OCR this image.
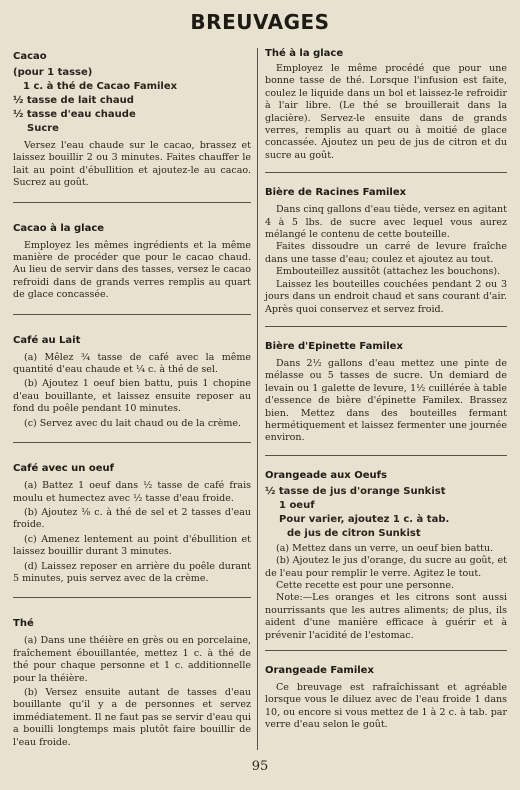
BREUVAGES
Cacao
(pour 1 tasse)
1 c. à thé de Cacao Familex
½ tasse de lait chaud
½ tasse d'eau chaude
Sucre

Versez l'eau chaude sur le cacao, brassez et laissez bouillir 2 ou 3 minutes. Faites chauffer le lait au point d'ébullition et ajoutez-le au cacao. Sucrez au goût.

Cacao à la glace

Employez les mêmes ingrédients et la même manière de procéder que pour le cacao chaud. Au lieu de servir dans des tasses, versez le cacao refroidi dans de grands verres remplis au quart de glace concassée.

Café au Lait

(a) Mêlez ¾ tasse de café avec la même quantité d'eau chaude et ¼ c. à thé de sel.

(b) Ajoutez 1 oeuf bien battu, puis 1 chopine d'eau bouillante, et laissez ensuite reposer au fond du poêle pendant 10 minutes.

(c) Servez avec du lait chaud ou de la crème.

Café avec un oeuf

(a) Battez 1 oeuf dans ½ tasse de café frais moulu et humectez avec ½ tasse d'eau froide.

(b) Ajoutez ⅛ c. à thé de sel et 2 tasses d'eau froide.

(c) Amenez lentement au point d'ébullition et laissez bouillir durant 3 minutes.

(d) Laissez reposer en arrière du poêle durant 5 minutes, puis servez avec de la crème.

Thé

(a) Dans une théière en grès ou en porcelaine, fraîchement ébouillantée, mettez 1 c. à thé de thé pour chaque personne et 1 c. additionnelle pour la théière.

(b) Versez ensuite autant de tasses d'eau bouillante qu'il y a de personnes et servez immédiatement. Il ne faut pas se servir d'eau qui a bouilli longtemps mais plutôt faire bouillir de l'eau froide.

Thé à la glace

Employez le même procédé que pour une bonne tasse de thé. Lorsque l'infusion est faite, coulez le liquide dans un bol et laissez-le refroidir à l'air libre. (Le thé se brouillerait dans la glacière). Servez-le ensuite dans de grands verres, remplis au quart ou à moitié de glace concassée. Ajoutez un peu de jus de citron et du sucre au goût.

Bière de Racines Familex

Dans cinq gallons d'eau tiède, versez en agitant 4 à 5 lbs. de sucre avec lequel vous aurez mélangé le contenu de cette bouteille.

Faites dissoudre un carré de levure fraîche dans une tasse d'eau; coulez et ajoutez au tout.

Embouteillez aussitôt (attachez les bouchons).

Laissez les bouteilles couchées pendant 2 ou 3 jours dans un endroit chaud et sans courant d'air. Après quoi conservez et servez froid.

Bière d'Epinette Familex

Dans 2½ gallons d'eau mettez une pinte de mélasse ou 5 tasses de sucre. Un demiard de levain ou 1 galette de levure, 1½ cuillérée à table d'essence de bière d'épinette Familex. Brassez bien. Mettez dans des bouteilles fermant hermétiquement et laissez fermenter une journée environ.

Orangeade aux Oeufs
½ tasse de jus d'orange Sunkist
1 oeuf
Pour varier, ajoutez 1 c. à tab.
de jus de citron Sunkist

(a) Mettez dans un verre, un oeuf bien battu.

(b) Ajoutez le jus d'orange, du sucre au goût, et de l'eau pour remplir le verre. Agitez le tout.

Cette recette est pour une personne.

Note:—Les oranges et les citrons sont aussi nourrissants que les autres aliments; de plus, ils aident d'une manière efficace à guérir et à prévenir l'acidité de l'estomac.

Orangeade Familex

Ce breuvage est rafraîchissant et agréable lorsque vous le diluez avec de l'eau froide 1 dans 10, ou encore si vous mettez de 1 à 2 c. à tab. par verre d'eau selon le goût.

95
